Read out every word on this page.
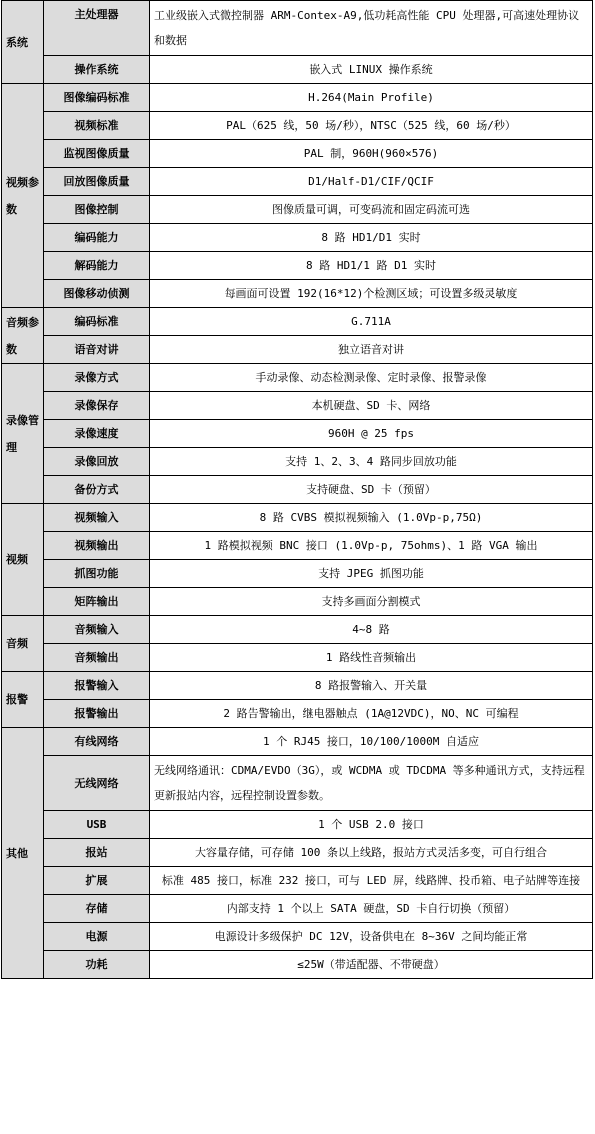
系统	主处理器	工业级嵌入式微控制器 ARM-Contex-A9,低功耗高性能 CPU 处理器,可高速处理协议和数据
	操作系统	嵌入式 LINUX 操作系统

视频参数	图像编码标准	H.264(Main Profile)
	视频标准	PAL（625 线，50 场/秒），NTSC（525 线，60 场/秒）
	监视图像质量	PAL 制，960H(960×576)
	回放图像质量	D1/Half-D1/CIF/QCIF
	图像控制	图像质量可调，可变码流和固定码流可选
	编码能力	8 路 HD1/D1 实时
	解码能力	8 路 HD1/1 路 D1 实时
	图像移动侦测	每画面可设置 192(16*12)个检测区域；可设置多级灵敏度

音频参数	编码标准	G.711A
	语音对讲	独立语音对讲

录像管理	录像方式	手动录像、动态检测录像、定时录像、报警录像
	录像保存	本机硬盘、SD 卡、网络
	录像速度	960H @ 25 fps
	录像回放	支持 1、2、3、4 路同步回放功能
	备份方式	支持硬盘、SD 卡（预留）

视频	视频输入	8 路 CVBS 模拟视频输入 (1.0Vp-p,75Ω)
	视频输出	1 路模拟视频 BNC 接口 (1.0Vp-p, 75ohms)、1 路 VGA 输出
	抓图功能	支持 JPEG 抓图功能
	矩阵输出	支持多画面分割模式

音频	音频输入	4~8 路
	音频输出	1 路线性音频输出

报警	报警输入	8 路报警输入、开关量
	报警输出	2 路告警输出，继电器触点 (1A@12VDC)，NO、NC 可编程

其他	有线网络	1 个 RJ45 接口，10/100/1000M 自适应
	无线网络	无线网络通讯：CDMA/EVDO（3G），或 WCDMA 或 TDCDMA 等多种通讯方式，支持远程更新报站内容，远程控制设置参数。
	USB	1 个 USB 2.0 接口
	报站	大容量存储，可存储 100 条以上线路，报站方式灵活多变，可自行组合
	扩展	标准 485 接口，标准 232 接口，可与 LED 屏，线路牌、投币箱、电子站牌等连接
	存储	内部支持 1 个以上 SATA 硬盘，SD 卡自行切换（预留）
	电源	电源设计多级保护 DC 12V，设备供电在 8~36V 之间均能正常
	功耗	≤25W（带适配器、不带硬盘）
